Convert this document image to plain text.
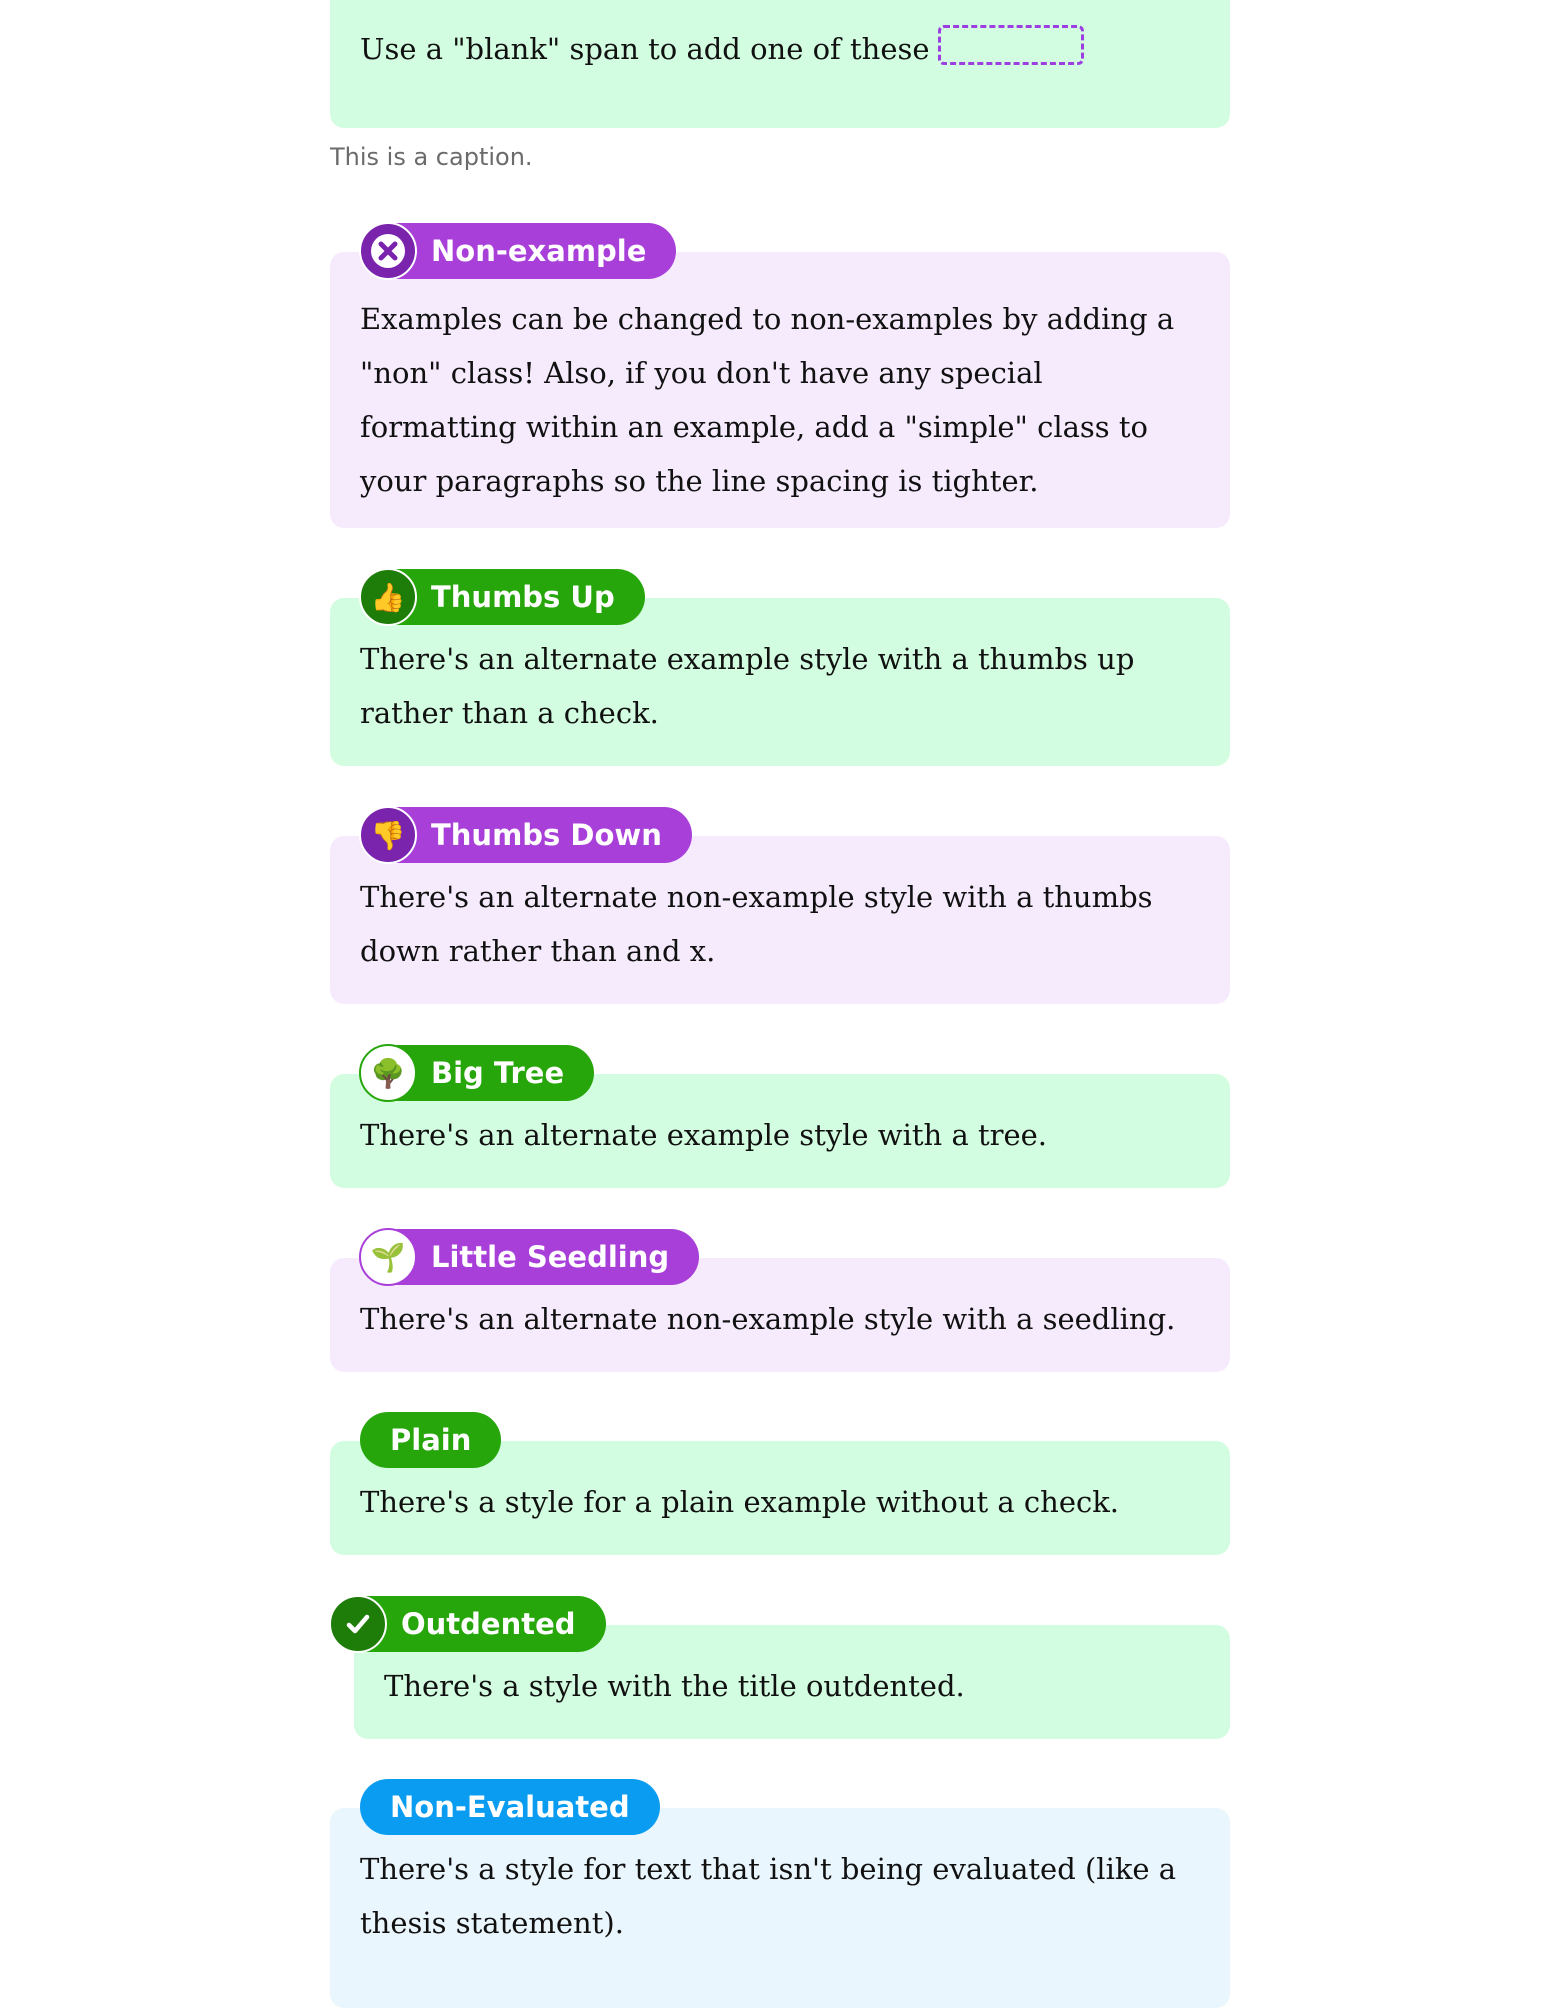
Use a "blank" span to add one of these

This is a caption.

Examples can be changed to non-examples by adding a "non" class! Also, if you don't have any special formatting within an example, add a "simple" class to your paragraphs so the line spacing is tighter.

Non-example

There's an alternate example style with a thumbs up rather than a check.

👍 Thumbs Up

There's an alternate non-example style with a thumbs down rather than and x.

👎 Thumbs Down

There's an alternate example style with a tree.

🌳 Big Tree

There's an alternate non-example style with a seedling.

🌱 Little Seedling

There's a style for a plain example without a check.

Plain

There's a style with the title outdented.

Outdented

There's a style for text that isn't being evaluated (like a thesis statement).

Non-Evaluated
